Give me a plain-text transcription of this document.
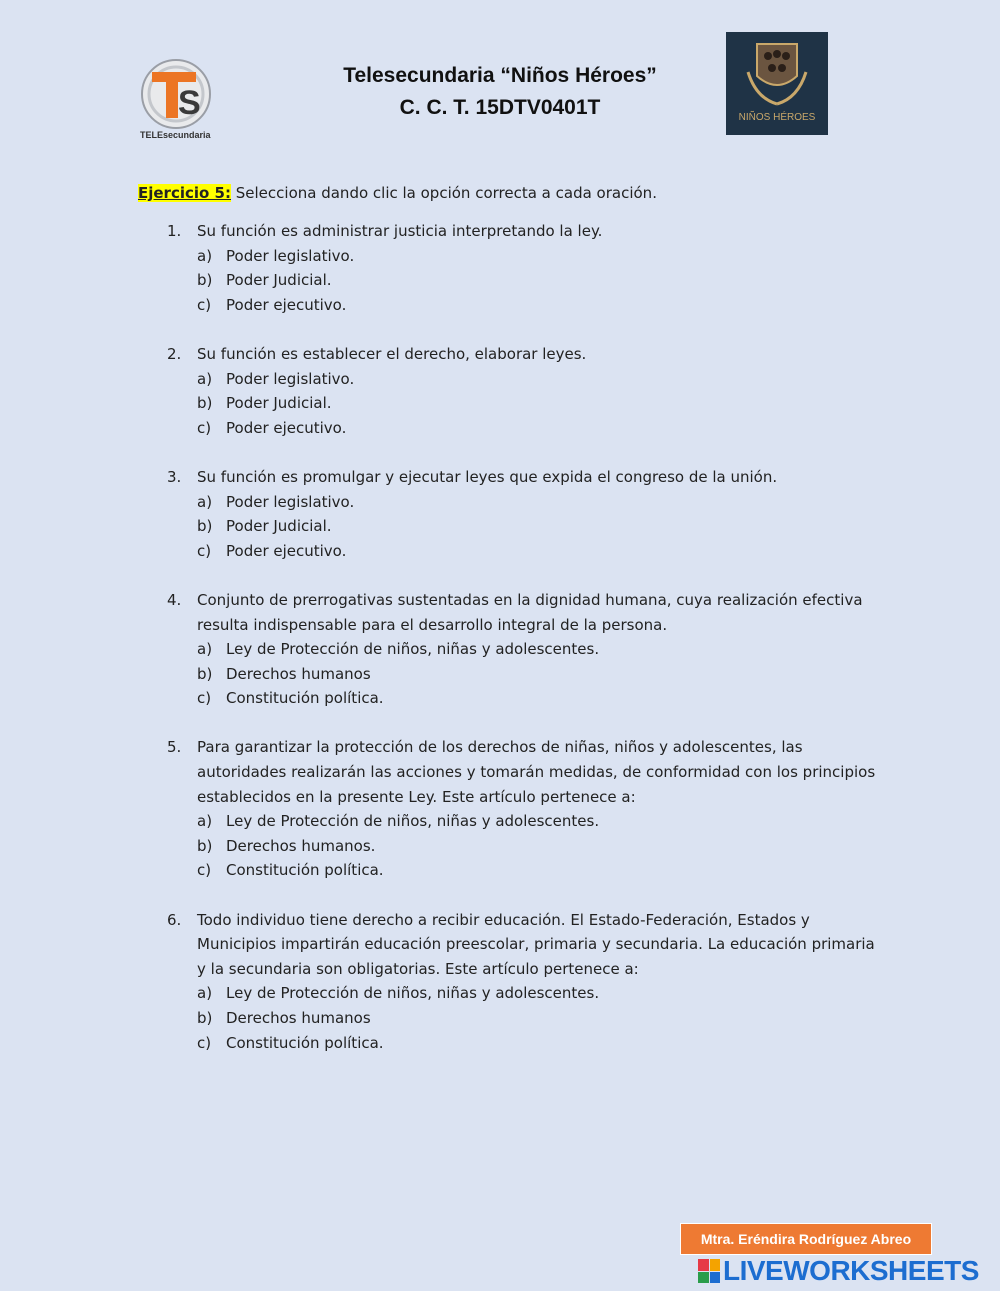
S
TELEsecundaria
Telesecundaria “Niños Héroes”
C. C. T. 15DTV0401T	NIÑOS HÉROES
Ejercicio 5: Selecciona dando clic la opción correcta a cada oración.
1.	Su función es administrar justicia interpretando la ley.
a) Poder legislativo.
b) Poder Judicial.
c) Poder ejecutivo.
2.	Su función es establecer el derecho, elaborar leyes.
a) Poder legislativo.
b) Poder Judicial.
c) Poder ejecutivo.
3.	Su función es promulgar y ejecutar leyes que expida el congreso de la unión.
a) Poder legislativo.
b) Poder Judicial.
c) Poder ejecutivo.
4.	Conjunto de prerrogativas sustentadas en la dignidad humana, cuya realización efectiva resulta indispensable para el desarrollo integral de la persona.
a) Ley de Protección de niños, niñas y adolescentes.
b) Derechos humanos
c) Constitución política.
5.	Para garantizar la protección de los derechos de niñas, niños y adolescentes, las autoridades realizarán las acciones y tomarán medidas, de conformidad con los principios establecidos en la presente Ley. Este artículo pertenece a:
a) Ley de Protección de niños, niñas y adolescentes.
b) Derechos humanos.
c) Constitución política.
6.	Todo individuo tiene derecho a recibir educación. El Estado-Federación, Estados y Municipios impartirán educación preescolar, primaria y secundaria. La educación primaria y la secundaria son obligatorias. Este artículo pertenece a:
a) Ley de Protección de niños, niñas y adolescentes.
b) Derechos humanos
c) Constitución política.
Mtra. Eréndira Rodríguez Abreo
LIVEWORKSHEETS
